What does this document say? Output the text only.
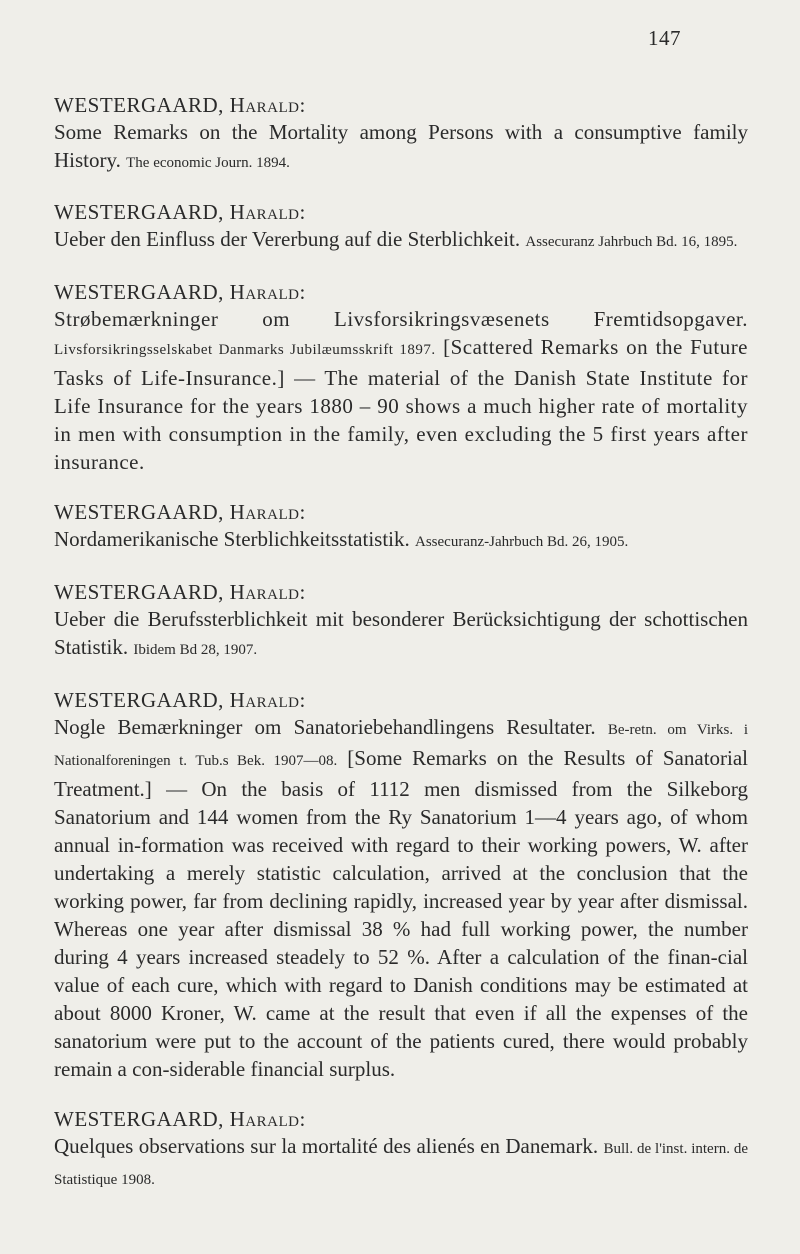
147
WESTERGAARD, Harald:
Some Remarks on the Mortality among Persons with a consumptive family History. The economic Journ. 1894.
WESTERGAARD, Harald:
Ueber den Einfluss der Vererbung auf die Sterblichkeit. Assecuranz Jahrbuch Bd. 16, 1895.
WESTERGAARD, Harald:
Strøbemærkninger om Livsforsikringsvæsenets Fremtidsopgaver. Livsforsikringsselskabet Danmarks Jubilæumsskrift 1897. [Scattered Remarks on the Future Tasks of Life-Insurance.] — The material of the Danish State Institute for Life Insurance for the years 1880 – 90 shows a much higher rate of mortality in men with consumption in the family, even excluding the 5 first years after insurance.
WESTERGAARD, Harald:
Nordamerikanische Sterblichkeitsstatistik. Assecuranz-Jahrbuch Bd. 26, 1905.
WESTERGAARD, Harald:
Ueber die Berufssterblichkeit mit besonderer Berücksichtigung der schottischen Statistik. Ibidem Bd 28, 1907.
WESTERGAARD, Harald:
Nogle Bemærkninger om Sanatoriebehandlingens Resultater. Be-retn. om Virks. i Nationalforeningen t. Tub.s Bek. 1907—08. [Some Remarks on the Results of Sanatorial Treatment.] — On the basis of 1112 men dismissed from the Silkeborg Sanatorium and 144 women from the Ry Sanatorium 1—4 years ago, of whom annual in-formation was received with regard to their working powers, W. after undertaking a merely statistic calculation, arrived at the conclusion that the working power, far from declining rapidly, increased year by year after dismissal. Whereas one year after dismissal 38 % had full working power, the number during 4 years increased steadely to 52 %. After a calculation of the finan-cial value of each cure, which with regard to Danish conditions may be estimated at about 8000 Kroner, W. came at the result that even if all the expenses of the sanatorium were put to the account of the patients cured, there would probably remain a con-siderable financial surplus.
WESTERGAARD, Harald:
Quelques observations sur la mortalité des alienés en Danemark. Bull. de l'inst. intern. de Statistique 1908.
